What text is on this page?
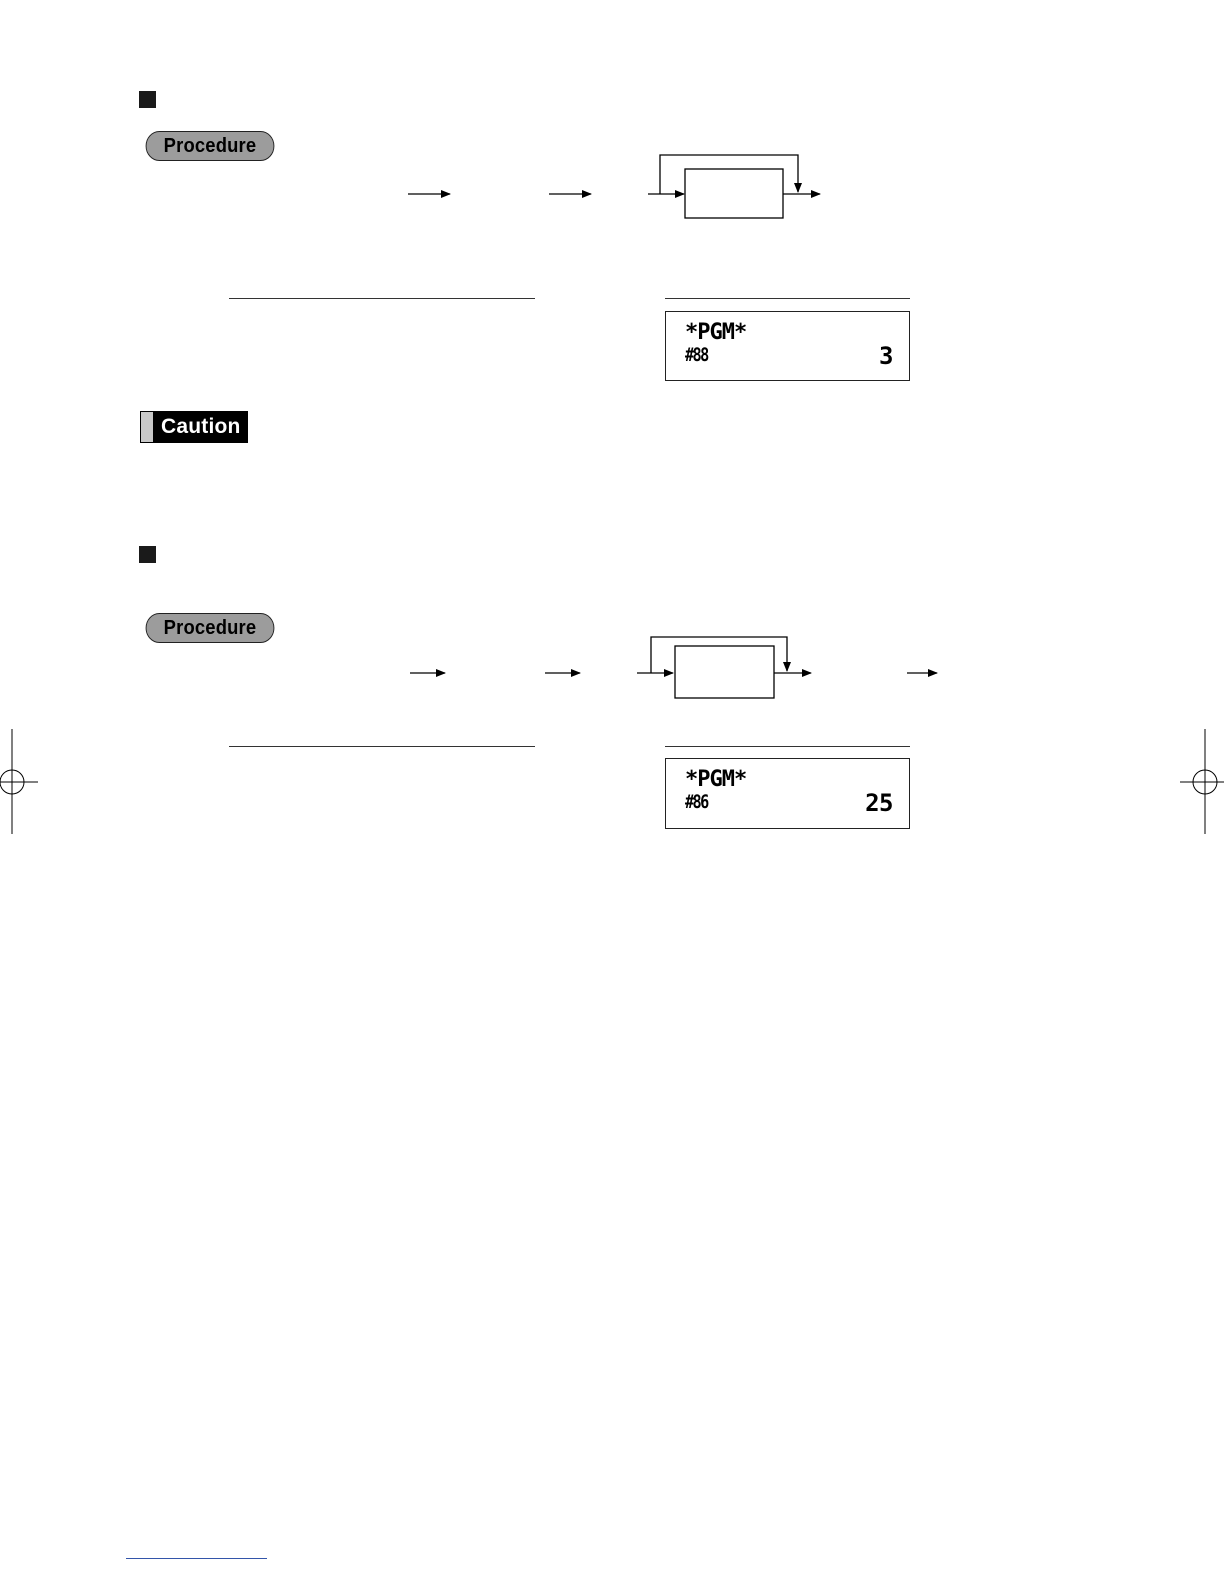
Procedure
*PGM*
#88	3
Caution
Procedure
*PGM*
#86	25
